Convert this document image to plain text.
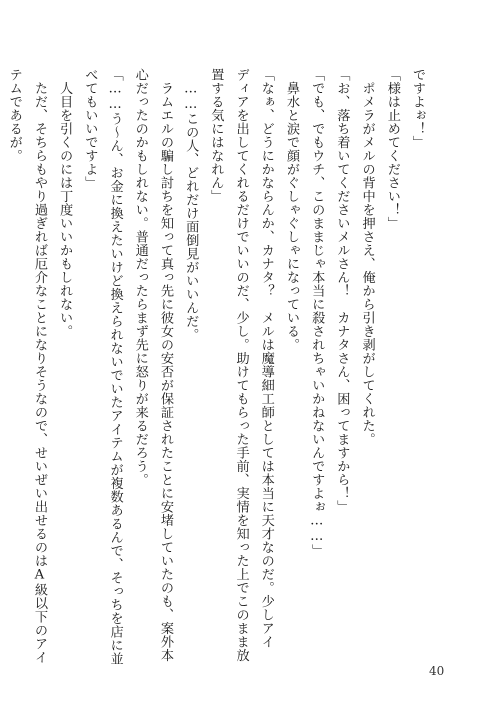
ですよぉ！」
「様は止めてください！」
　ポメラがメルの背中を押さえ、俺から引き剥がしてくれた。
「お、落ち着いてくださいメルさん！　カナタさん、困ってますから！」
「でも、でもウチ、このままじゃ本当に殺されちゃいかねないんですよぉ……」
　鼻水と涙で顔がぐしゃぐしゃになっている。
「なぁ、どうにかならんか、カナタ？　メルは魔導細工師としては本当に天才なのだ。少しアイ
ディアを出してくれるだけでいいのだ、少し。助けてもらった手前、実情を知った上でこのまま放
置する気にはなれん」
　……この人、どれだけ面倒見がいいんだ。
　ラムエルの騙し討ちを知って真っ先に彼女の安否が保証されたことに安堵していたのも、案外本
心だったのかもしれない。普通だったらまず先に怒りが来るだろう。
「……う～ん、お金に換えたいけど換えられないでいたアイテムが複数あるんで、そっちを店に並
べてもいいですよ」
　人目を引くのには丁度いいかもしれない。
　ただ、そちらもやり過ぎれば厄介なことになりそうなので、せいぜい出せるのはA級以下のアイ
テムであるが。
40
